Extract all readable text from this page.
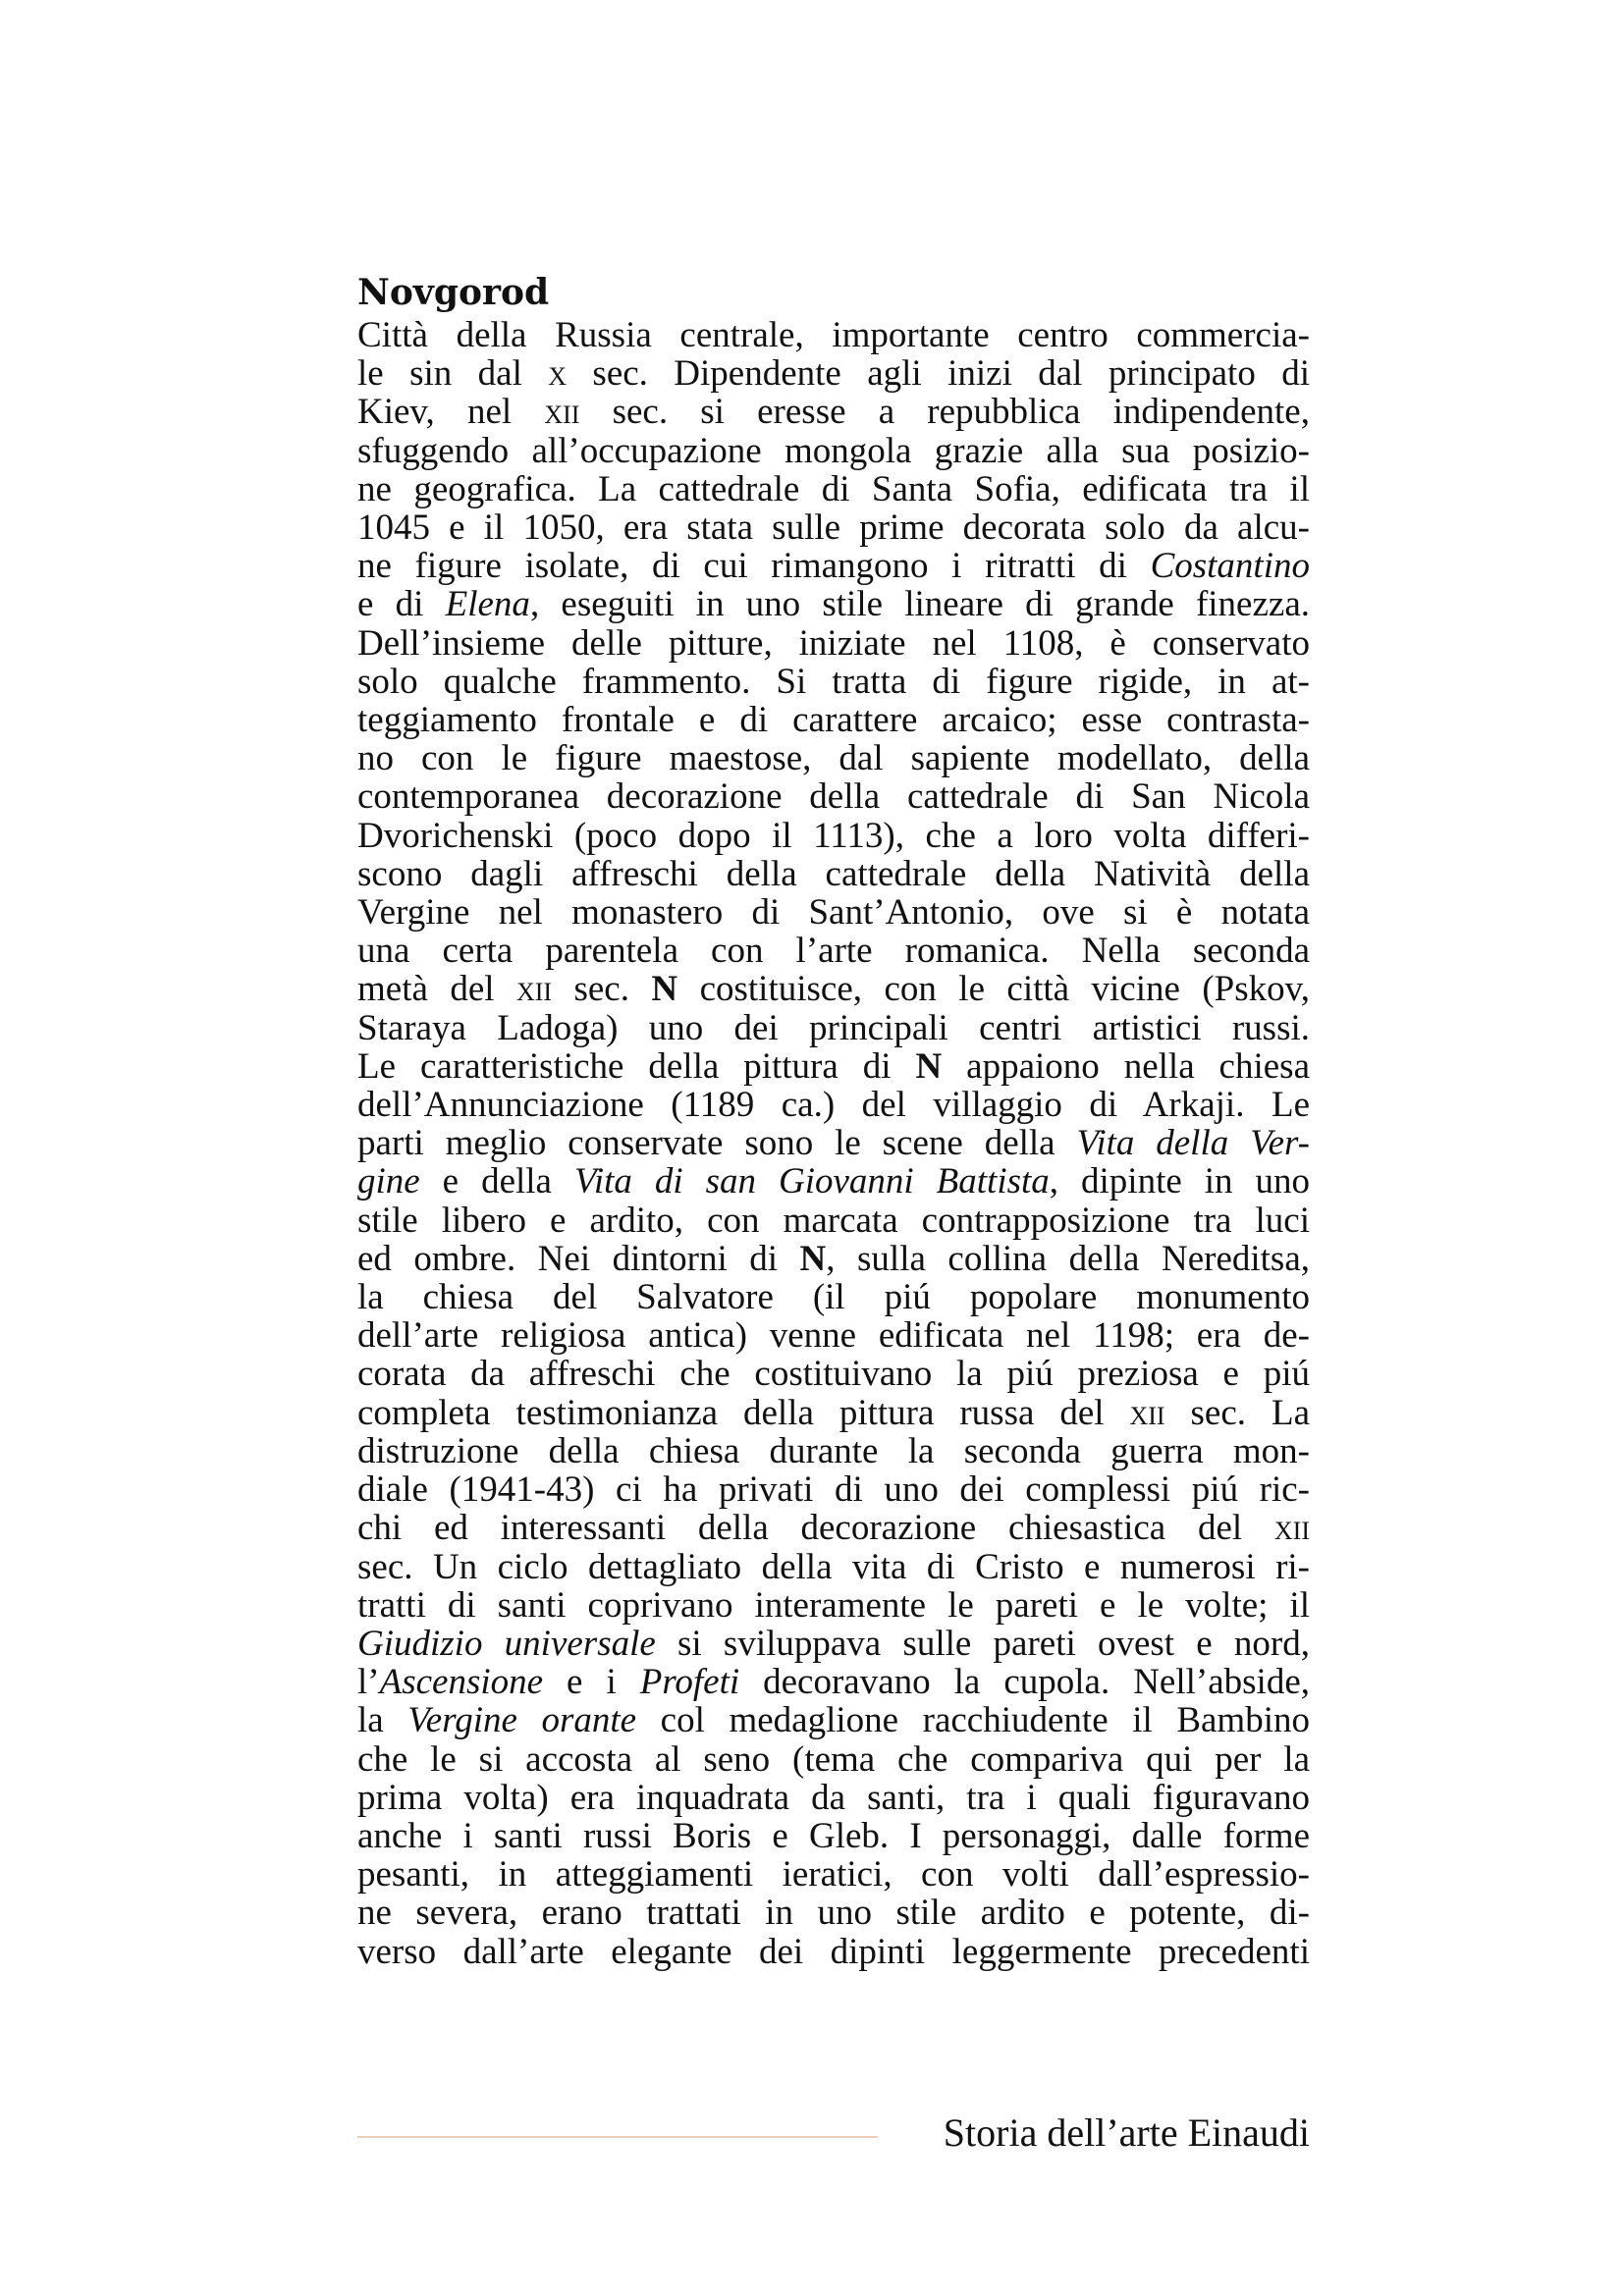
Novgorod
Città della Russia centrale, importante centro commercia-
le sin dal x sec. Dipendente agli inizi dal principato di
Kiev, nel xii sec. si eresse a repubblica indipendente,
sfuggendo all’occupazione mongola grazie alla sua posizio-
ne geografica. La cattedrale di Santa Sofia, edificata tra il
1045 e il 1050, era stata sulle prime decorata solo da alcu-
ne figure isolate, di cui rimangono i ritratti di Costantino
e di Elena, eseguiti in uno stile lineare di grande finezza.
Dell’insieme delle pitture, iniziate nel 1108, è conservato
solo qualche frammento. Si tratta di figure rigide, in at-
teggiamento frontale e di carattere arcaico; esse contrasta-
no con le figure maestose, dal sapiente modellato, della
contemporanea decorazione della cattedrale di San Nicola
Dvorichenski (poco dopo il 1113), che a loro volta differi-
scono dagli affreschi della cattedrale della Natività della
Vergine nel monastero di Sant’Antonio, ove si è notata
una certa parentela con l’arte romanica. Nella seconda
metà del xii sec. N costituisce, con le città vicine (Pskov,
Staraya Ladoga) uno dei principali centri artistici russi.
Le caratteristiche della pittura di N appaiono nella chiesa
dell’Annunciazione (1189 ca.) del villaggio di Arkaji. Le
parti meglio conservate sono le scene della Vita della Ver-
gine e della Vita di san Giovanni Battista, dipinte in uno
stile libero e ardito, con marcata contrapposizione tra luci
ed ombre. Nei dintorni di N, sulla collina della Nereditsa,
la chiesa del Salvatore (il piú popolare monumento
dell’arte religiosa antica) venne edificata nel 1198; era de-
corata da affreschi che costituivano la piú preziosa e piú
completa testimonianza della pittura russa del xii sec. La
distruzione della chiesa durante la seconda guerra mon-
diale (1941-43) ci ha privati di uno dei complessi piú ric-
chi ed interessanti della decorazione chiesastica del xii
sec. Un ciclo dettagliato della vita di Cristo e numerosi ri-
tratti di santi coprivano interamente le pareti e le volte; il
Giudizio universale si sviluppava sulle pareti ovest e nord,
l’Ascensione e i Profeti decoravano la cupola. Nell’abside,
la Vergine orante col medaglione racchiudente il Bambino
che le si accosta al seno (tema che compariva qui per la
prima volta) era inquadrata da santi, tra i quali figuravano
anche i santi russi Boris e Gleb. I personaggi, dalle forme
pesanti, in atteggiamenti ieratici, con volti dall’espressio-
ne severa, erano trattati in uno stile ardito e potente, di-
verso dall’arte elegante dei dipinti leggermente precedenti
Storia dell’arte Einaudi
